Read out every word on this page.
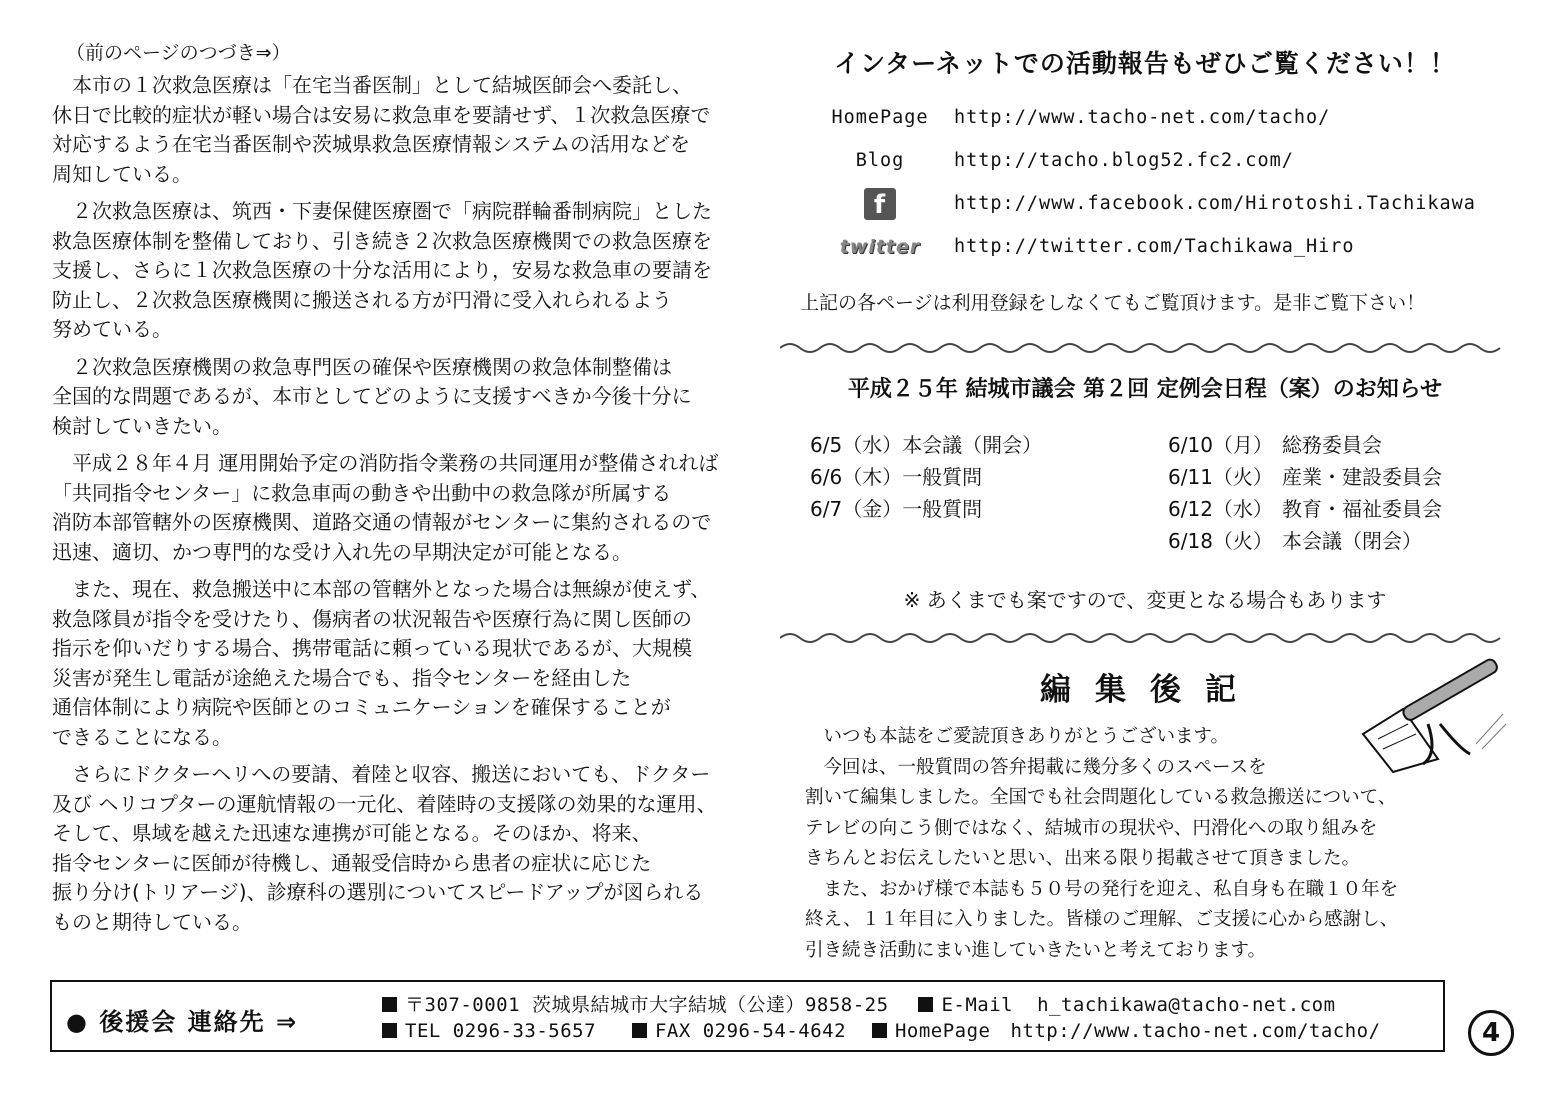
（前のページのつづき⇒）

　本市の１次救急医療は「在宅当番医制」として結城医師会へ委託し、
休日で比較的症状が軽い場合は安易に救急車を要請せず、１次救急医療で
対応するよう在宅当番医制や茨城県救急医療情報システムの活用などを
周知している。

　２次救急医療は、筑西・下妻保健医療圏で「病院群輪番制病院」とした
救急医療体制を整備しており、引き続き２次救急医療機関での救急医療を
支援し、さらに１次救急医療の十分な活用により，安易な救急車の要請を
防止し、２次救急医療機関に搬送される方が円滑に受入れられるよう
努めている。

　２次救急医療機関の救急専門医の確保や医療機関の救急体制整備は
全国的な問題であるが、本市としてどのように支援すべきか今後十分に
検討していきたい。

　平成２８年４月 運用開始予定の消防指令業務の共同運用が整備されれば
「共同指令センター」に救急車両の動きや出動中の救急隊が所属する
消防本部管轄外の医療機関、道路交通の情報がセンターに集約されるので
迅速、適切、かつ専門的な受け入れ先の早期決定が可能となる。

　また、現在、救急搬送中に本部の管轄外となった場合は無線が使えず、
救急隊員が指令を受けたり、傷病者の状況報告や医療行為に関し医師の
指示を仰いだりする場合、携帯電話に頼っている現状であるが、大規模
災害が発生し電話が途絶えた場合でも、指令センターを経由した
通信体制により病院や医師とのコミュニケーションを確保することが
できることになる。

　さらにドクターヘリへの要請、着陸と収容、搬送においても、ドクター
及び ヘリコプターの運航情報の一元化、着陸時の支援隊の効果的な運用、
そして、県域を越えた迅速な連携が可能となる。そのほか、将来、
指令センターに医師が待機し、通報受信時から患者の症状に応じた
振り分け(トリアージ)、診療科の選別についてスピードアップが図られる
ものと期待している。

インターネットでの活動報告もぜひご覧ください！！
HomePage	http://www.tacho-net.com/tacho/
Blog	http://tacho.blog52.fc2.com/
f	http://www.facebook.com/Hirotoshi.Tachikawa
twitter	http://twitter.com/Tachikawa_Hiro
上記の各ページは利用登録をしなくてもご覧頂けます。是非ご覧下さい！
平成２５年 結城市議会 第２回 定例会日程（案）のお知らせ
6/5（水）本会議（開会）
6/6（木）一般質問
6/7（金）一般質問
6/10（月） 総務委員会
6/11（火） 産業・建設委員会
6/12（水） 教育・福祉委員会
6/18（火） 本会議（閉会）
※ あくまでも案ですので、変更となる場合もあります
編集後記
　いつも本誌をご愛読頂きありがとうございます。
　今回は、一般質問の答弁掲載に幾分多くのスペースを
割いて編集しました。全国でも社会問題化している救急搬送について、
テレビの向こう側ではなく、結城市の現状や、円滑化への取り組みを
きちんとお伝えしたいと思い、出来る限り掲載させて頂きました。
　また、おかげ様で本誌も５０号の発行を迎え、私自身も在職１０年を
終え、１１年目に入りました。皆様のご理解、ご支援に心から感謝し、
引き続き活動にまい進していきたいと考えております。
● 後援会 連絡先 ⇒
〒307-0001 茨城県結城市大字結城（公達）9858-25	E-Mail h_tachikawa@tacho-net.com
TEL 0296-33-5657	FAX 0296-54-4642	HomePage http://www.tacho-net.com/tacho/	4
